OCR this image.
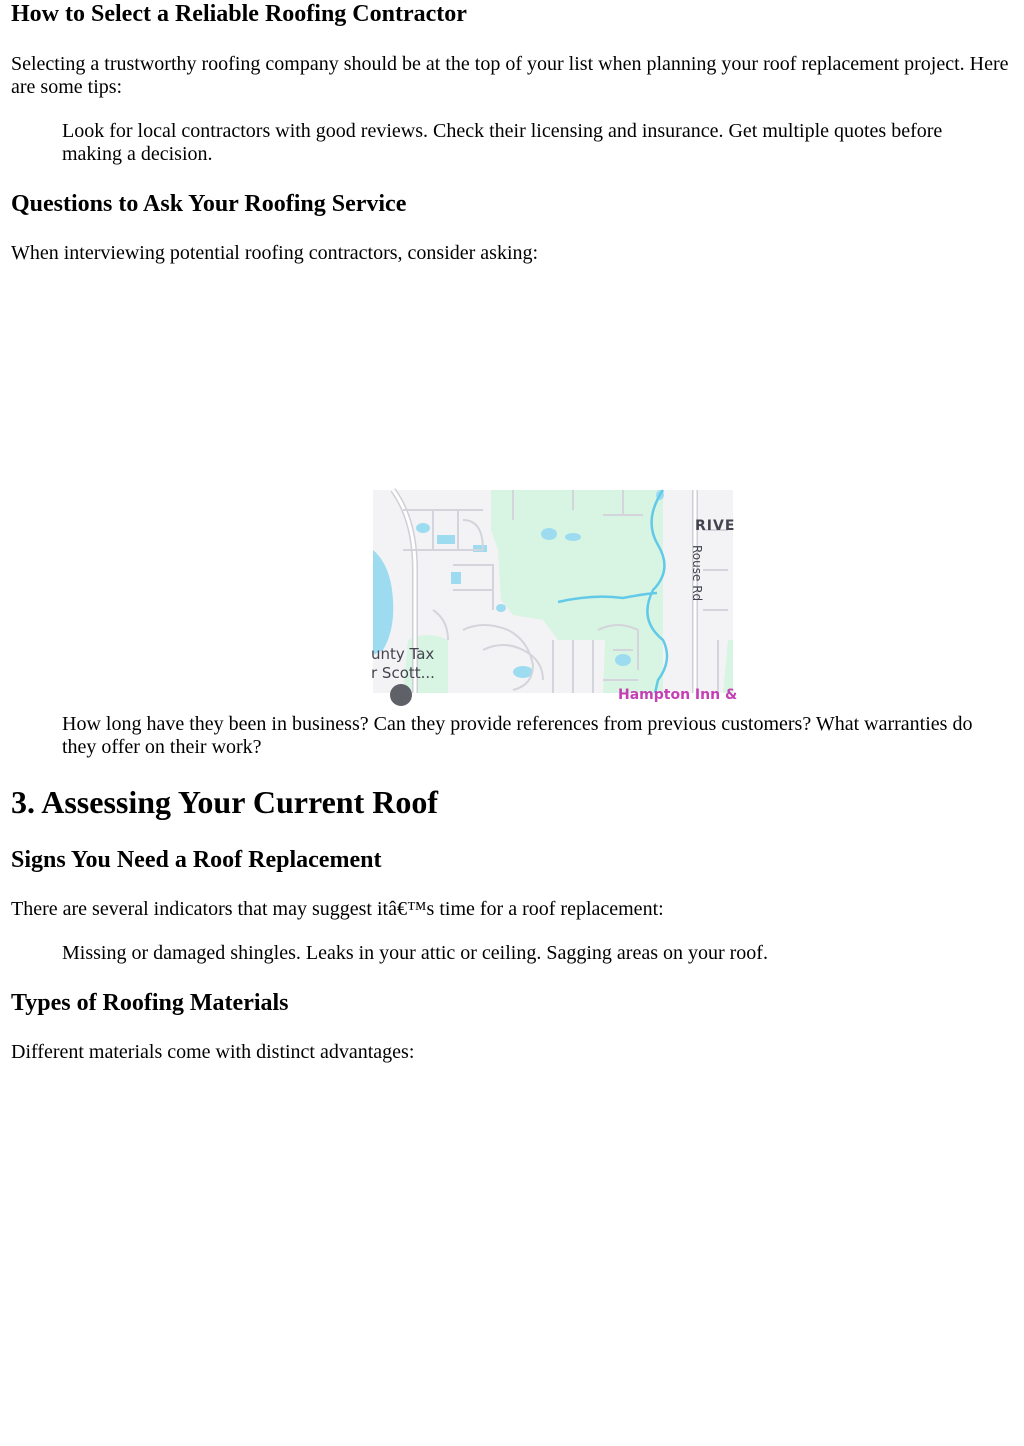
How to Select a Reliable Roofing Contractor

Selecting a trustworthy roofing company should be at the top of your list when planning your roof replacement project. Here are some tips:

Look for local contractors with good reviews. Check their licensing and insurance. Get multiple quotes before making a decision.
Questions to Ask Your Roofing Service

When interviewing potential roofing contractors, consider asking:

How long have they been in business? Can they provide references from previous customers? What warranties do they offer on their work?
3. Assessing Your Current Roof
Signs You Need a Roof Replacement

There are several indicators that may suggest itâ€™s time for a roof replacement:

Missing or damaged shingles. Leaks in your attic or ceiling. Sagging areas on your roof.
Types of Roofing Materials

Different materials come with distinct advantages:

RIVE
Rouse Rd
unty Tax
r Scott...
Hampton Inn &
